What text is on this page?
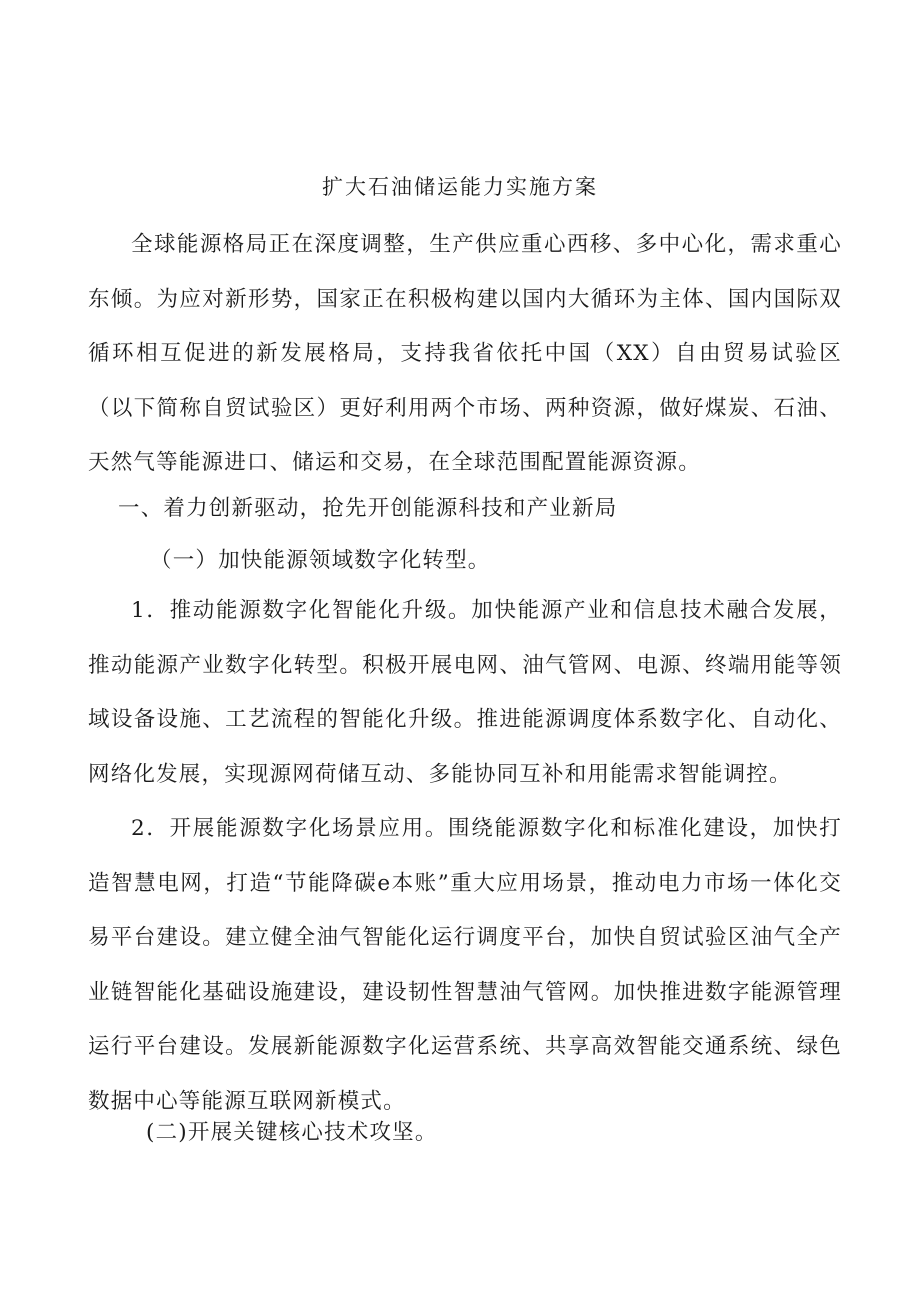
扩大石油储运能力实施方案

全球能源格局正在深度调整，生产供应重心西移、多中心化，需求重心东倾。为应对新形势，国家正在积极构建以国内大循环为主体、国内国际双循环相互促进的新发展格局，支持我省依托中国（XX）自由贸易试验区（以下简称自贸试验区）更好利用两个市场、两种资源，做好煤炭、石油、天然气等能源进口、储运和交易，在全球范围配置能源资源。

一、着力创新驱动，抢先开创能源科技和产业新局
（一）加快能源领域数字化转型。

1．推动能源数字化智能化升级。加快能源产业和信息技术融合发展，推动能源产业数字化转型。积极开展电网、油气管网、电源、终端用能等领域设备设施、工艺流程的智能化升级。推进能源调度体系数字化、自动化、网络化发展，实现源网荷储互动、多能协同互补和用能需求智能调控。

2．开展能源数字化场景应用。围绕能源数字化和标准化建设，加快打造智慧电网，打造“节能降碳e本账”重大应用场景，推动电力市场一体化交易平台建设。建立健全油气智能化运行调度平台，加快自贸试验区油气全产业链智能化基础设施建设，建设韧性智慧油气管网。加快推进数字能源管理运行平台建设。发展新能源数字化运营系统、共享高效智能交通系统、绿色数据中心等能源互联网新模式。

(二)开展关键核心技术攻坚。
